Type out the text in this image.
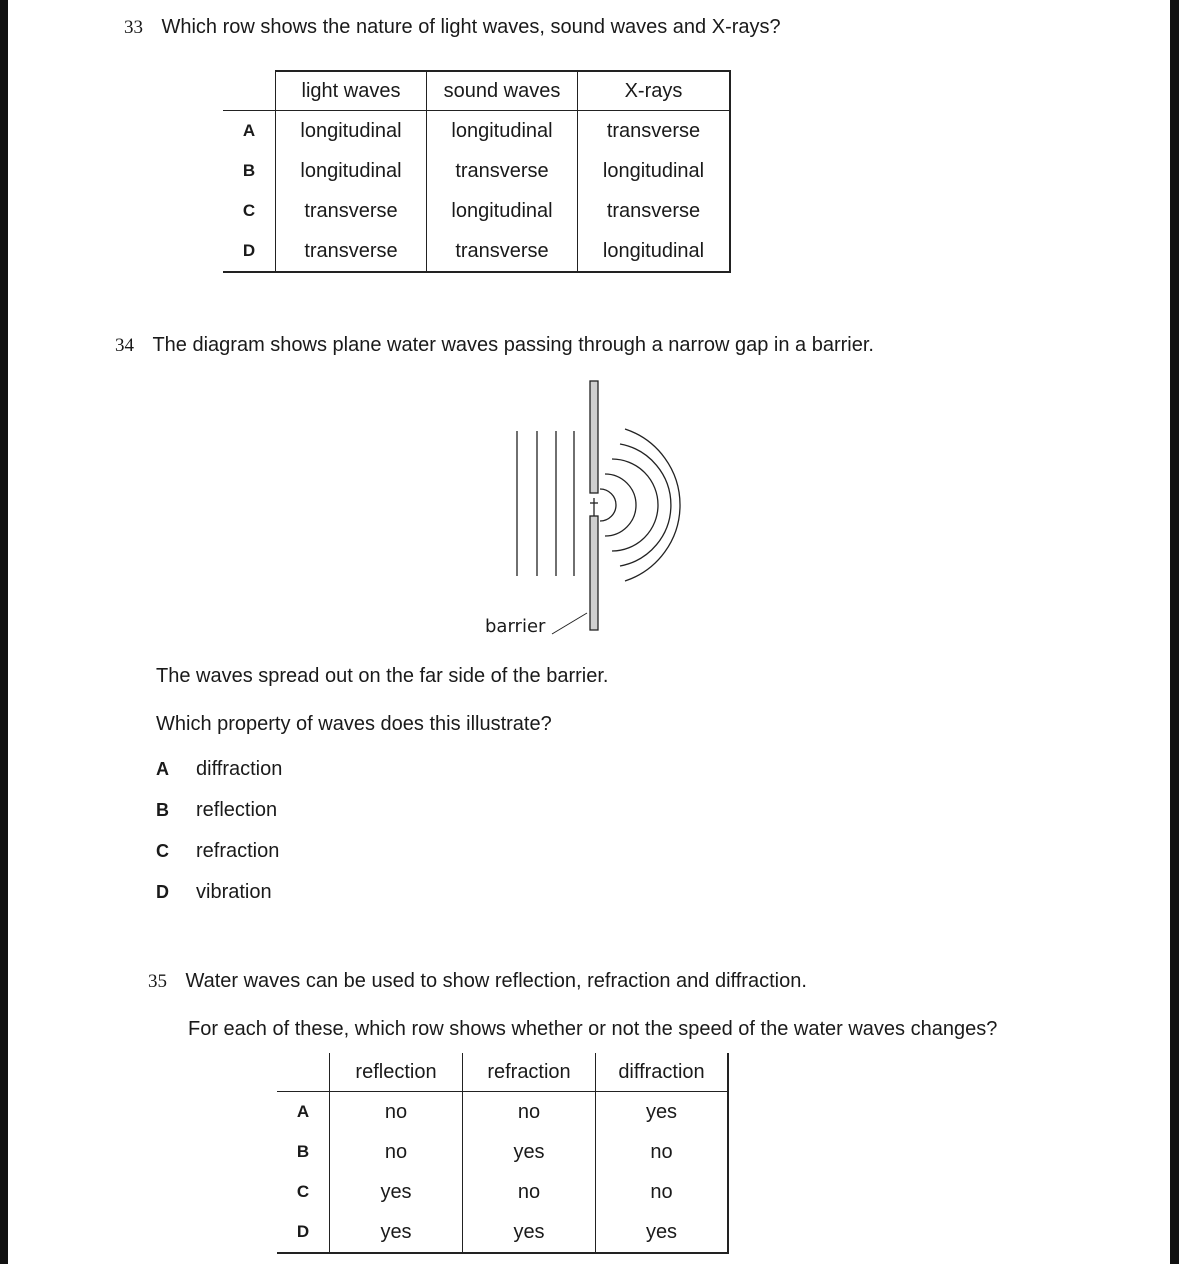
33 Which row shows the nature of light waves, sound waves and X-rays?
	light waves	sound waves	X-rays
A	longitudinal	longitudinal	transverse
B	longitudinal	transverse	longitudinal
C	transverse	longitudinal	transverse
D	transverse	transverse	longitudinal
34 The diagram shows plane water waves passing through a narrow gap in a barrier.
barrier
The waves spread out on the far side of the barrier.
Which property of waves does this illustrate?
A diffraction
B reflection
C refraction
D vibration
35 Water waves can be used to show reflection, refraction and diffraction.
For each of these, which row shows whether or not the speed of the water waves changes?
	reflection	refraction	diffraction
A	no	no	yes
B	no	yes	no
C	yes	no	no
D	yes	yes	yes
